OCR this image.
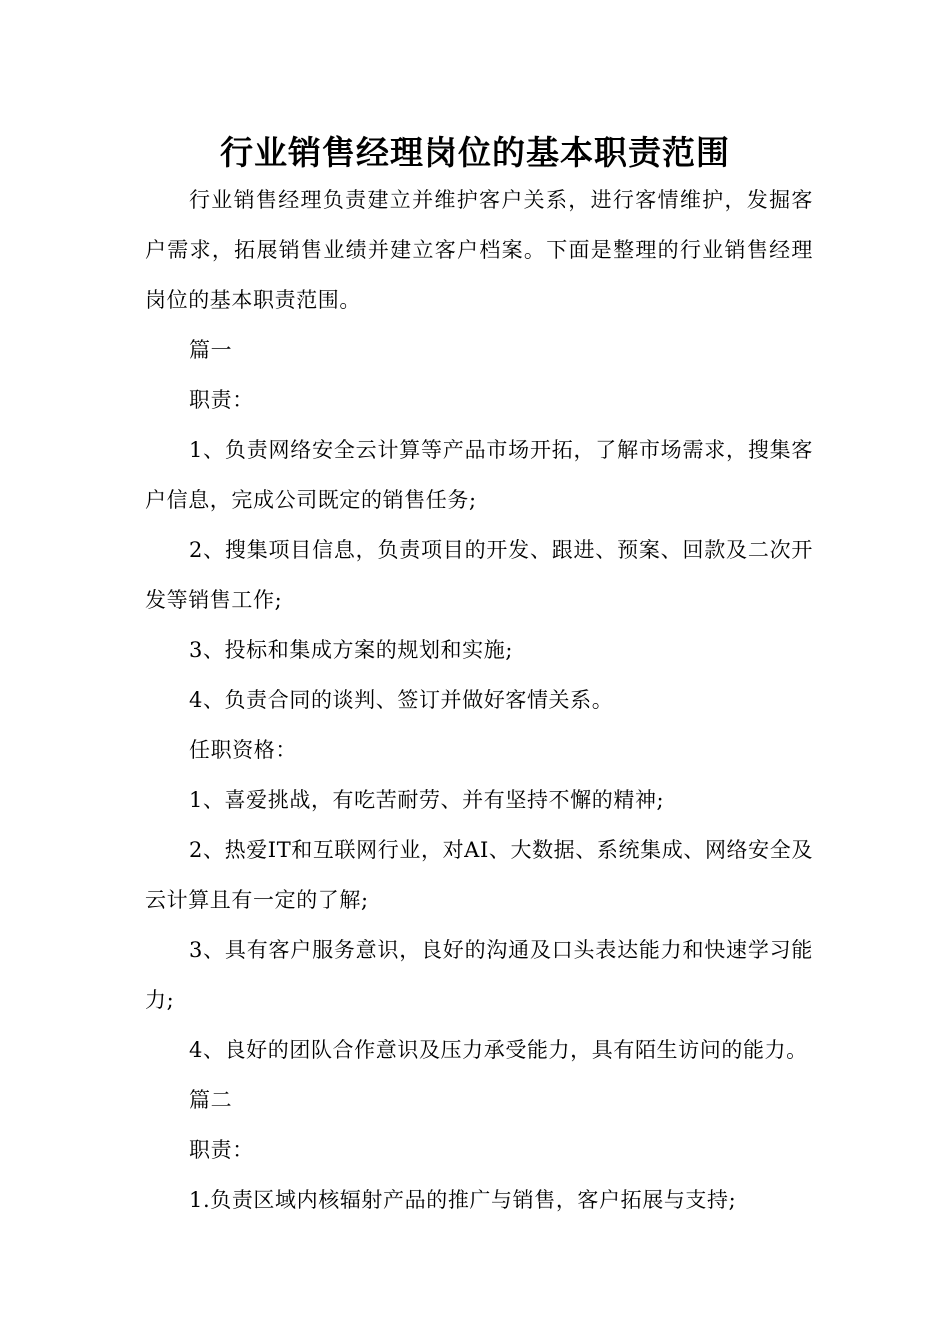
行业销售经理岗位的基本职责范围

行业销售经理负责建立并维护客户关系，进行客情维护，发掘客户需求，拓展销售业绩并建立客户档案。下面是整理的行业销售经理岗位的基本职责范围。

篇一

职责：

1、负责网络安全云计算等产品市场开拓，了解市场需求，搜集客户信息，完成公司既定的销售任务;

2、搜集项目信息，负责项目的开发、跟进、预案、回款及二次开发等销售工作;

3、投标和集成方案的规划和实施;

4、负责合同的谈判、签订并做好客情关系。

任职资格：

1、喜爱挑战，有吃苦耐劳、并有坚持不懈的精神;

2、热爱IT和互联网行业，对AI、大数据、系统集成、网络安全及云计算且有一定的了解;

3、具有客户服务意识，良好的沟通及口头表达能力和快速学习能力;

4、良好的团队合作意识及压力承受能力，具有陌生访问的能力。

篇二

职责：

1.负责区域内核辐射产品的推广与销售，客户拓展与支持;
